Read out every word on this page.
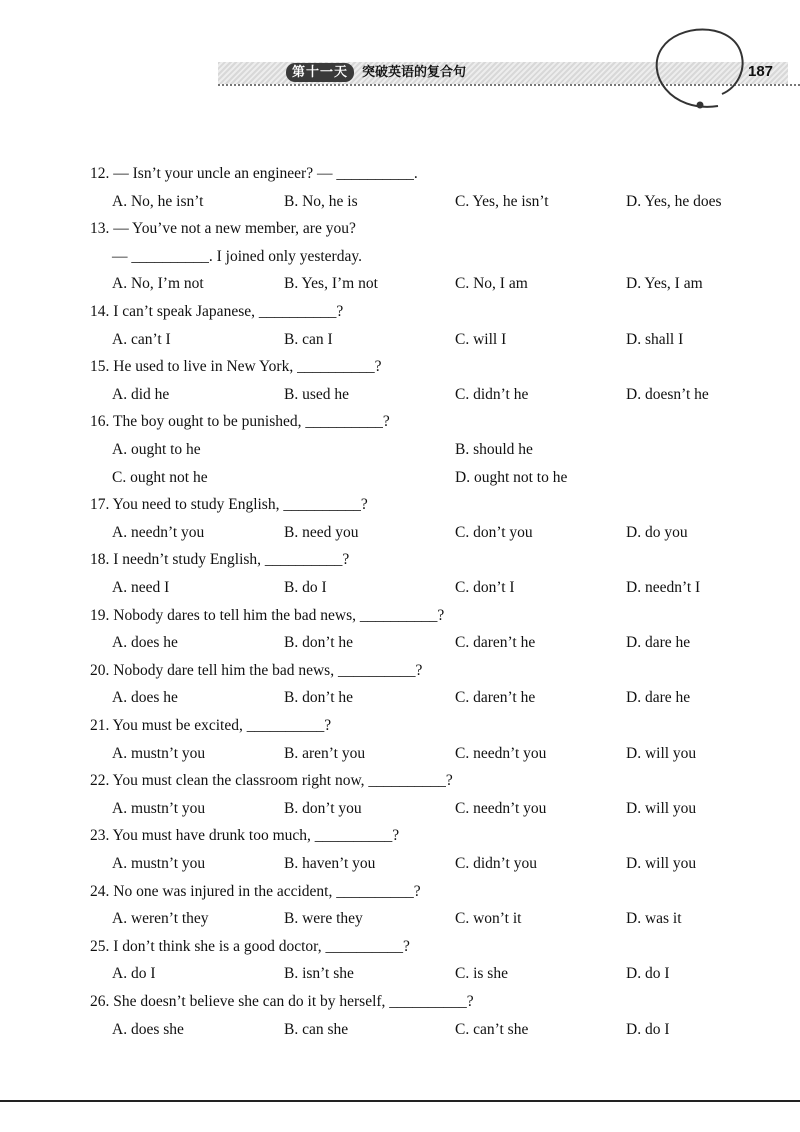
第十一天	突破英语的复合句	187
12. — Isn’t your uncle an engineer? — __________.
A. No, he isn’t	B. No, he is	C. Yes, he isn’t	D. Yes, he does
13. — You’ve not a new member, are you?
— __________. I joined only yesterday.
A. No, I’m not	B. Yes, I’m not	C. No, I am	D. Yes, I am
14. I can’t speak Japanese, __________?
A. can’t I	B. can I	C. will I	D. shall I
15. He used to live in New York, __________?
A. did he	B. used he	C. didn’t he	D. doesn’t he
16. The boy ought to be punished, __________?
A. ought to he	B. should he
C. ought not he	D. ought not to he
17. You need to study English, __________?
A. needn’t you	B. need you	C. don’t you	D. do you
18. I needn’t study English, __________?
A. need I	B. do I	C. don’t I	D. needn’t I
19. Nobody dares to tell him the bad news, __________?
A. does he	B. don’t he	C. daren’t he	D. dare he
20. Nobody dare tell him the bad news, __________?
A. does he	B. don’t he	C. daren’t he	D. dare he
21. You must be excited, __________?
A. mustn’t you	B. aren’t you	C. needn’t you	D. will you
22. You must clean the classroom right now, __________?
A. mustn’t you	B. don’t you	C. needn’t you	D. will you
23. You must have drunk too much, __________?
A. mustn’t you	B. haven’t you	C. didn’t you	D. will you
24. No one was injured in the accident, __________?
A. weren’t they	B. were they	C. won’t it	D. was it
25. I don’t think she is a good doctor, __________?
A. do I	B. isn’t she	C. is she	D. do I
26. She doesn’t believe she can do it by herself, __________?
A. does she	B. can she	C. can’t she	D. do I
